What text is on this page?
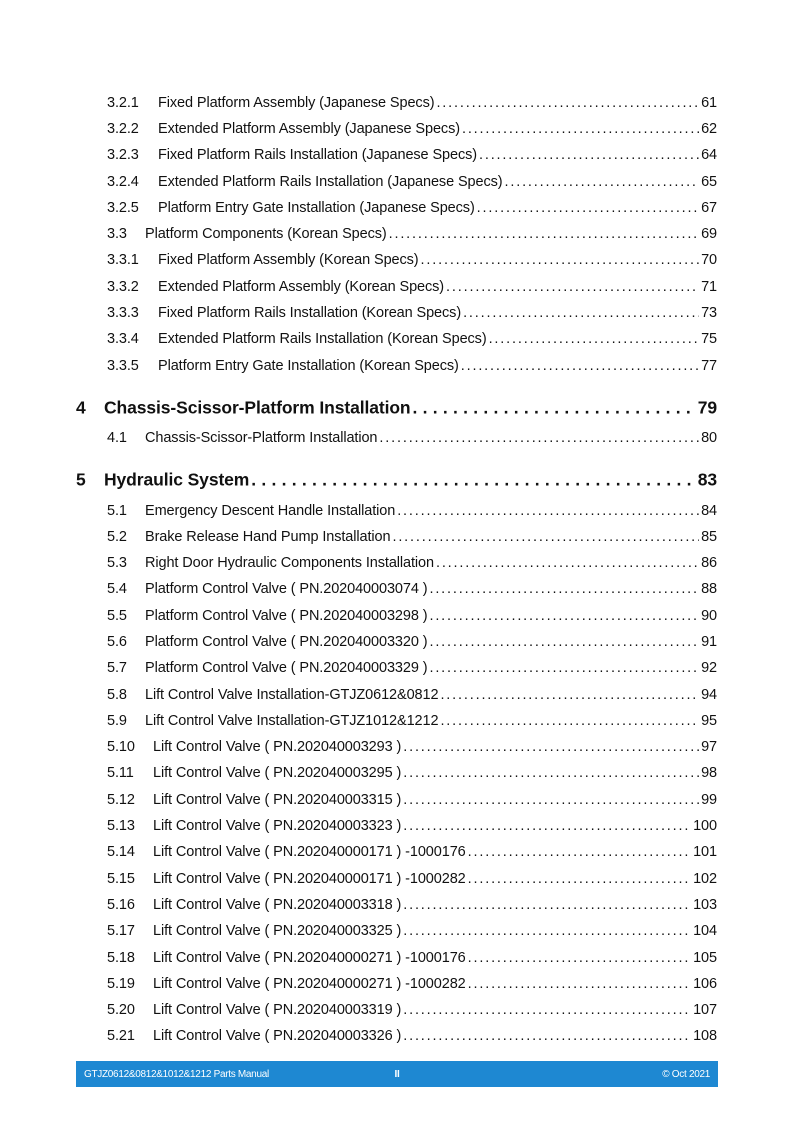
3.2.1 Fixed Platform Assembly (Japanese Specs) . . .	61
3.2.2 Extended Platform Assembly (Japanese Specs) . . .	62
3.2.3 Fixed Platform Rails Installation (Japanese Specs) . . .	64
3.2.4 Extended Platform Rails Installation (Japanese Specs) . . .	65
3.2.5 Platform Entry Gate Installation (Japanese Specs) . . .	67
3.3 Platform Components (Korean Specs) . . .	69
3.3.1 Fixed Platform Assembly (Korean Specs) . . .	70
3.3.2 Extended Platform Assembly (Korean Specs) . . .	71
3.3.3 Fixed Platform Rails Installation (Korean Specs) . . .	73
3.3.4 Extended Platform Rails Installation (Korean Specs) . . .	75
3.3.5 Platform Entry Gate Installation (Korean Specs) . . .	77
4 Chassis-Scissor-Platform Installation . . .	79
4.1 Chassis-Scissor-Platform Installation . . .	80
5 Hydraulic System . . .	83
5.1 Emergency Descent Handle Installation . . .	84
5.2 Brake Release Hand Pump Installation . . .	85
5.3 Right Door Hydraulic Components Installation . . .	86
5.4 Platform Control Valve ( PN.202040003074 ) . . .	88
5.5 Platform Control Valve ( PN.202040003298 ) . . .	90
5.6 Platform Control Valve ( PN.202040003320 ) . . .	91
5.7 Platform Control Valve ( PN.202040003329 ) . . .	92
5.8 Lift Control Valve Installation-GTJZ0612&0812 . . .	94
5.9 Lift Control Valve Installation-GTJZ1012&1212 . . .	95
5.10 Lift Control Valve ( PN.202040003293 ) . . .	97
5.11 Lift Control Valve ( PN.202040003295 ) . . .	98
5.12 Lift Control Valve ( PN.202040003315 ) . . .	99
5.13 Lift Control Valve ( PN.202040003323 ) . . .	100
5.14 Lift Control Valve ( PN.202040000171 ) -1000176 . . .	101
5.15 Lift Control Valve ( PN.202040000171 ) -1000282 . . .	102
5.16 Lift Control Valve ( PN.202040003318 ) . . .	103
5.17 Lift Control Valve ( PN.202040003325 ) . . .	104
5.18 Lift Control Valve ( PN.202040000271 ) -1000176 . . .	105
5.19 Lift Control Valve ( PN.202040000271 ) -1000282 . . .	106
5.20 Lift Control Valve ( PN.202040003319 ) . . .	107
5.21 Lift Control Valve ( PN.202040003326 ) . . .	108
GTJZ0612&0812&1012&1212 Parts Manual	II	© Oct 2021
